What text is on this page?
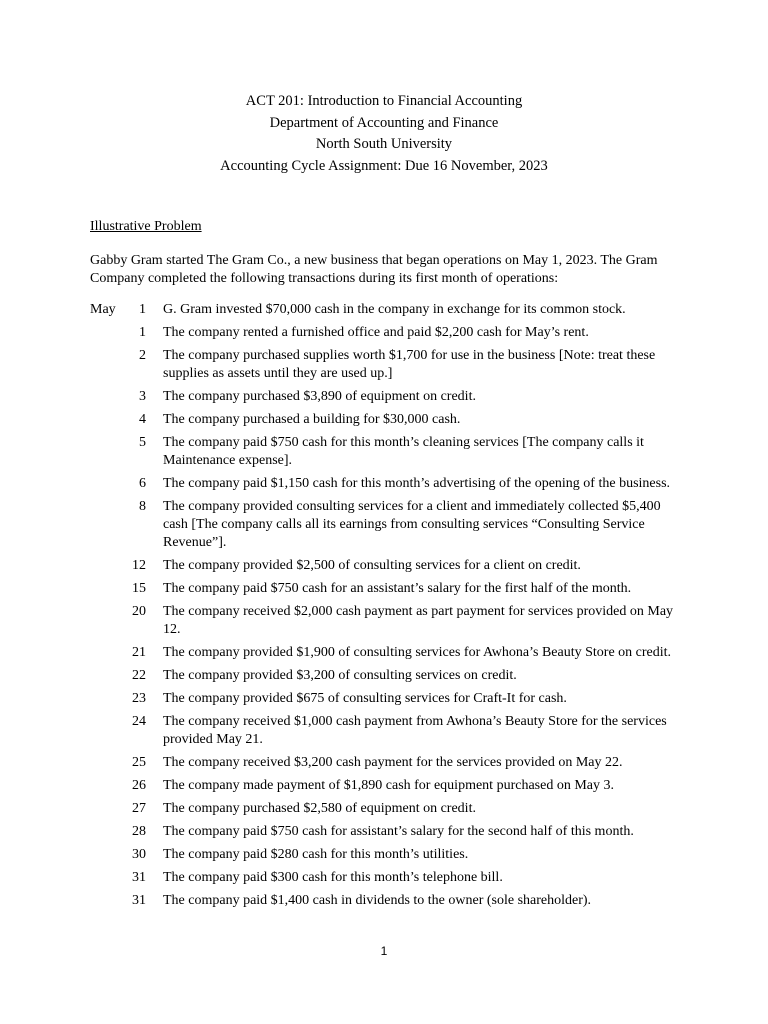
ACT 201: Introduction to Financial Accounting
Department of Accounting and Finance
North South University
Accounting Cycle Assignment: Due 16 November, 2023
Illustrative Problem
Gabby Gram started The Gram Co., a new business that began operations on May 1, 2023. The Gram Company completed the following transactions during its first month of operations:
May	1 G. Gram invested $70,000 cash in the company in exchange for its common stock.
1 The company rented a furnished office and paid $2,200 cash for May’s rent.
2 The company purchased supplies worth $1,700 for use in the business [Note: treat these supplies as assets until they are used up.]
3 The company purchased $3,890 of equipment on credit.
4 The company purchased a building for $30,000 cash.
5 The company paid $750 cash for this month’s cleaning services [The company calls it Maintenance expense].
6 The company paid $1,150 cash for this month’s advertising of the opening of the business.
8 The company provided consulting services for a client and immediately collected $5,400 cash [The company calls all its earnings from consulting services “Consulting Service Revenue”].
12 The company provided $2,500 of consulting services for a client on credit.
15 The company paid $750 cash for an assistant’s salary for the first half of the month.
20 The company received $2,000 cash payment as part payment for services provided on May 12.
21 The company provided $1,900 of consulting services for Awhona’s Beauty Store on credit.
22 The company provided $3,200 of consulting services on credit.
23 The company provided $675 of consulting services for Craft-It for cash.
24 The company received $1,000 cash payment from Awhona’s Beauty Store for the services provided May 21.
25 The company received $3,200 cash payment for the services provided on May 22.
26 The company made payment of $1,890 cash for equipment purchased on May 3.
27 The company purchased $2,580 of equipment on credit.
28 The company paid $750 cash for assistant’s salary for the second half of this month.
30 The company paid $280 cash for this month’s utilities.
31 The company paid $300 cash for this month’s telephone bill.
31 The company paid $1,400 cash in dividends to the owner (sole shareholder).
1
